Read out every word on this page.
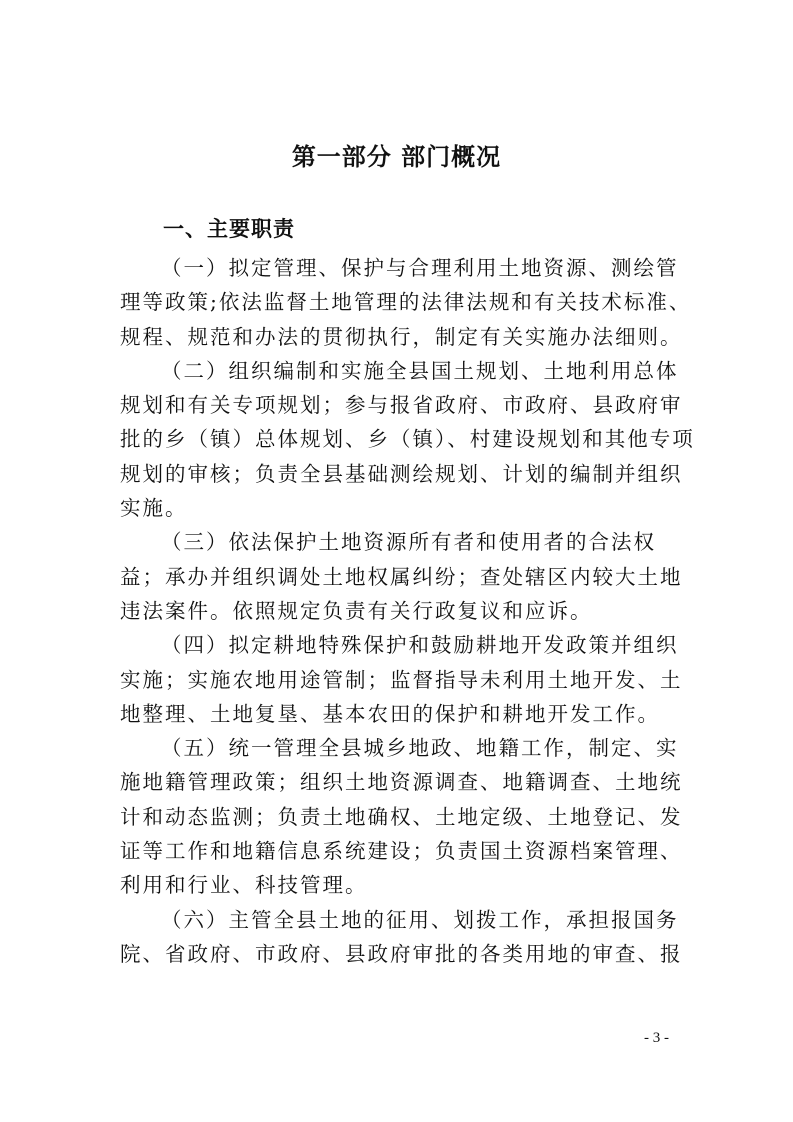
第一部分 部门概况
一、主要职责

（一）拟定管理、保护与合理利用土地资源、测绘管
理等政策;依法监督土地管理的法律法规和有关技术标准、
规程、规范和办法的贯彻执行，制定有关实施办法细则。

（二）组织编制和实施全县国土规划、土地利用总体
规划和有关专项规划；参与报省政府、市政府、县政府审
批的乡（镇）总体规划、乡（镇）、村建设规划和其他专项
规划的审核；负责全县基础测绘规划、计划的编制并组织
实施。

（三）依法保护土地资源所有者和使用者的合法权
益；承办并组织调处土地权属纠纷；查处辖区内较大土地
违法案件。依照规定负责有关行政复议和应诉。

（四）拟定耕地特殊保护和鼓励耕地开发政策并组织
实施；实施农地用途管制；监督指导未利用土地开发、土
地整理、土地复垦、基本农田的保护和耕地开发工作。

（五）统一管理全县城乡地政、地籍工作，制定、实
施地籍管理政策；组织土地资源调查、地籍调查、土地统
计和动态监测；负责土地确权、土地定级、土地登记、发
证等工作和地籍信息系统建设；负责国土资源档案管理、
利用和行业、科技管理。

（六）主管全县土地的征用、划拨工作，承担报国务
院、省政府、市政府、县政府审批的各类用地的审查、报

- 3 -
